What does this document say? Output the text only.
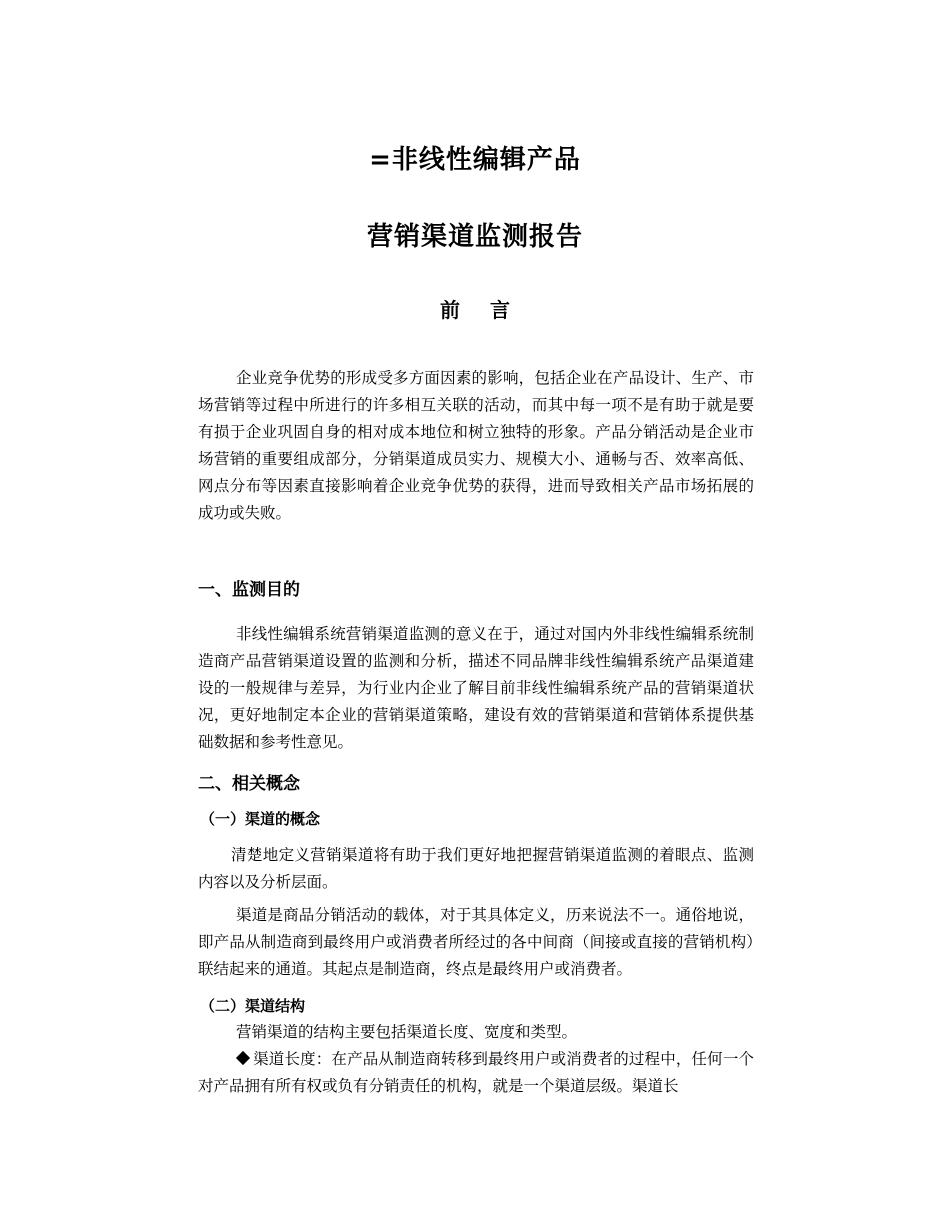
=非线性编辑产品
营销渠道监测报告
前言

企业竞争优势的形成受多方面因素的影响，包括企业在产品设计、生产、市场营销等过程中所进行的许多相互关联的活动，而其中每一项不是有助于就是要有损于企业巩固自身的相对成本地位和树立独特的形象。产品分销活动是企业市场营销的重要组成部分，分销渠道成员实力、规模大小、通畅与否、效率高低、网点分布等因素直接影响着企业竞争优势的获得，进而导致相关产品市场拓展的成功或失败。

一、监测目的

非线性编辑系统营销渠道监测的意义在于，通过对国内外非线性编辑系统制造商产品营销渠道设置的监测和分析，描述不同品牌非线性编辑系统产品渠道建设的一般规律与差异，为行业内企业了解目前非线性编辑系统产品的营销渠道状况，更好地制定本企业的营销渠道策略，建设有效的营销渠道和营销体系提供基础数据和参考性意见。

二、相关概念
（一）渠道的概念

清楚地定义营销渠道将有助于我们更好地把握营销渠道监测的着眼点、监测内容以及分析层面。

渠道是商品分销活动的载体，对于其具体定义，历来说法不一。通俗地说，即产品从制造商到最终用户或消费者所经过的各中间商（间接或直接的营销机构）联结起来的通道。其起点是制造商，终点是最终用户或消费者。

（二）渠道结构

营销渠道的结构主要包括渠道长度、宽度和类型。

渠道长度：在产品从制造商转移到最终用户或消费者的过程中，任何一个对产品拥有所有权或负有分销责任的机构，就是一个渠道层级。渠道长
